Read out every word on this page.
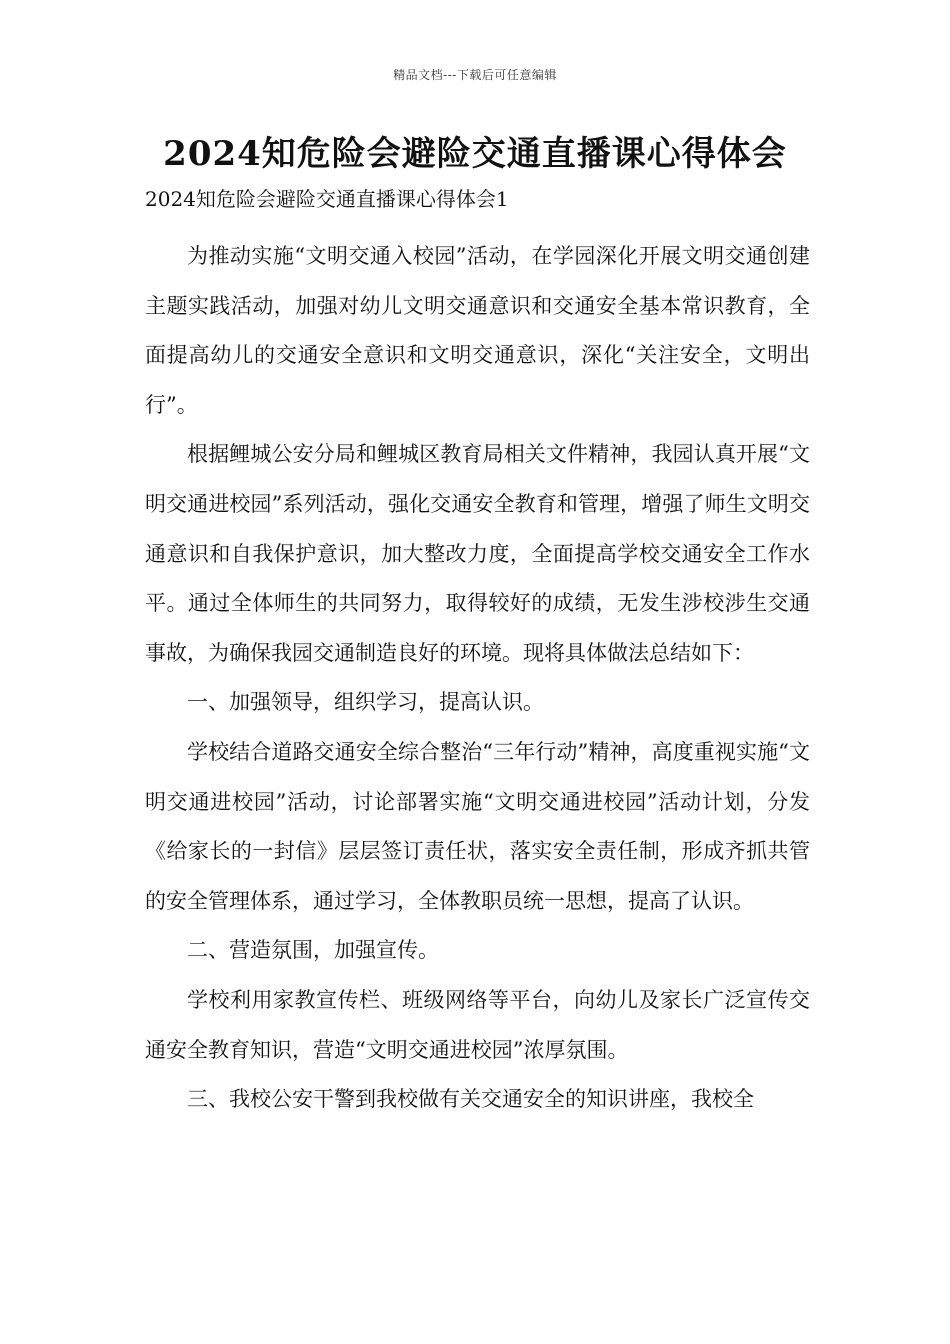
精品文档---下载后可任意编辑
2024知危险会避险交通直播课心得体会

2024知危险会避险交通直播课心得体会1

为推动实施“文明交通入校园”活动，在学园深化开展文明交通创建主题实践活动，加强对幼儿文明交通意识和交通安全基本常识教育，全面提高幼儿的交通安全意识和文明交通意识，深化“关注安全，文明出行”。

根据鲤城公安分局和鲤城区教育局相关文件精神，我园认真开展“文明交通进校园”系列活动，强化交通安全教育和管理，增强了师生文明交通意识和自我保护意识，加大整改力度，全面提高学校交通安全工作水平。通过全体师生的共同努力，取得较好的成绩，无发生涉校涉生交通事故，为确保我园交通制造良好的环境。现将具体做法总结如下：

一、加强领导，组织学习，提高认识。

学校结合道路交通安全综合整治“三年行动”精神，高度重视实施“文明交通进校园”活动，讨论部署实施“文明交通进校园”活动计划，分发《给家长的一封信》层层签订责任状，落实安全责任制，形成齐抓共管的安全管理体系，通过学习，全体教职员统一思想，提高了认识。

二、营造氛围，加强宣传。

学校利用家教宣传栏、班级网络等平台，向幼儿及家长广泛宣传交通安全教育知识，营造“文明交通进校园”浓厚氛围。

三、我校公安干警到我校做有关交通安全的知识讲座，我校全
